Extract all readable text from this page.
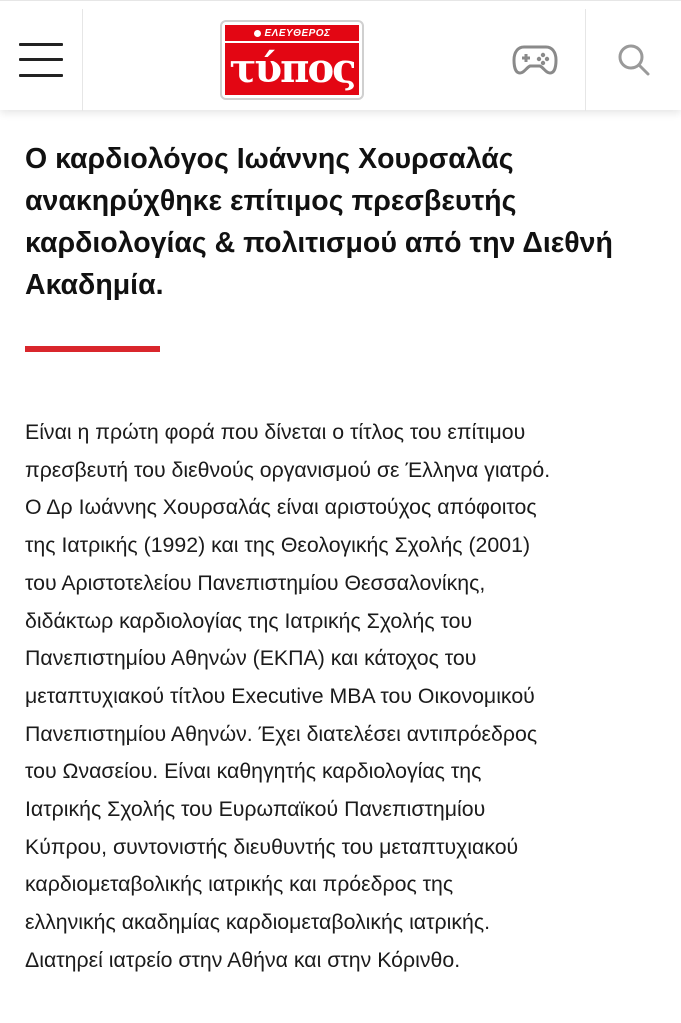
ΕΛΕΥΘΕΡΟΣ
τύπος
Ο καρδιολόγος Ιωάννης Χουρσαλάς ανακηρύχθηκε επίτιμος πρεσβευτής καρδιολογίας & πολιτισμού από την Διεθνή Ακαδημία.
Είναι η πρώτη φορά που δίνεται ο τίτλος του επίτιμου
πρεσβευτή του διεθνούς οργανισμού σε Έλληνα γιατρό.
Ο Δρ Ιωάννης Χουρσαλάς είναι αριστούχος απόφοιτος
της Ιατρικής (1992) και της Θεολογικής Σχολής (2001)
του Αριστοτελείου Πανεπιστημίου Θεσσαλονίκης,
διδάκτωρ καρδιολογίας της Ιατρικής Σχολής του
Πανεπιστημίου Αθηνών (ΕΚΠΑ) και κάτοχος του
μεταπτυχιακού τίτλου Executive MBA του Οικονομικού
Πανεπιστημίου Αθηνών. Έχει διατελέσει αντιπρόεδρος
του Ωνασείου. Είναι καθηγητής καρδιολογίας της
Ιατρικής Σχολής του Ευρωπαϊκού Πανεπιστημίου
Κύπρου, συντονιστής διευθυντής του μεταπτυχιακού
καρδιομεταβολικής ιατρικής και πρόεδρος της
ελληνικής ακαδημίας καρδιομεταβολικής ιατρικής.
Διατηρεί ιατρείο στην Αθήνα και στην Κόρινθο.
